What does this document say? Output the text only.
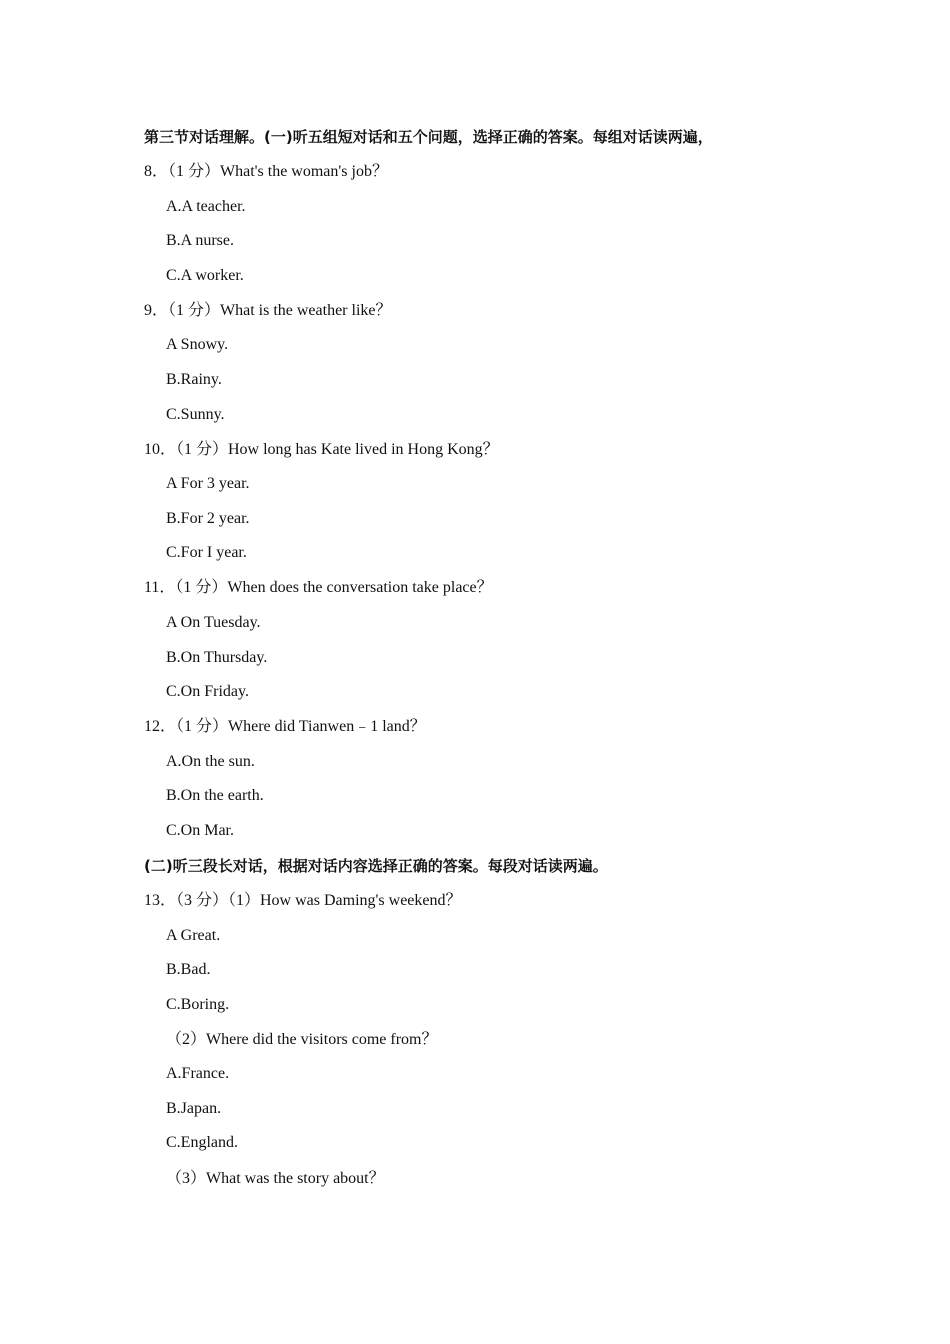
第三节对话理解。(一)听五组短对话和五个问题，选择正确的答案。每组对话读两遍，
8．（1 分）What's the woman's job？
A.A teacher.
B.A nurse.
C.A worker.
9．（1 分）What is the weather like？
A Snowy.
B.Rainy.
C.Sunny.
10．（1 分）How long has Kate lived in Hong Kong？
A For 3 year.
B.For 2 year.
C.For I year.
11．（1 分）When does the conversation take place？
A On Tuesday.
B.On Thursday.
C.On Friday.
12．（1 分）Where did Tianwen﹣1 land？
A.On the sun.
B.On the earth.
C.On Mar.
(二)听三段长对话，根据对话内容选择正确的答案。每段对话读两遍。
13．（3 分）（1）How was Daming's weekend？
A Great.
B.Bad.
C.Boring.
（2）Where did the visitors come from？
A.France.
B.Japan.
C.England.
（3）What was the story about？
